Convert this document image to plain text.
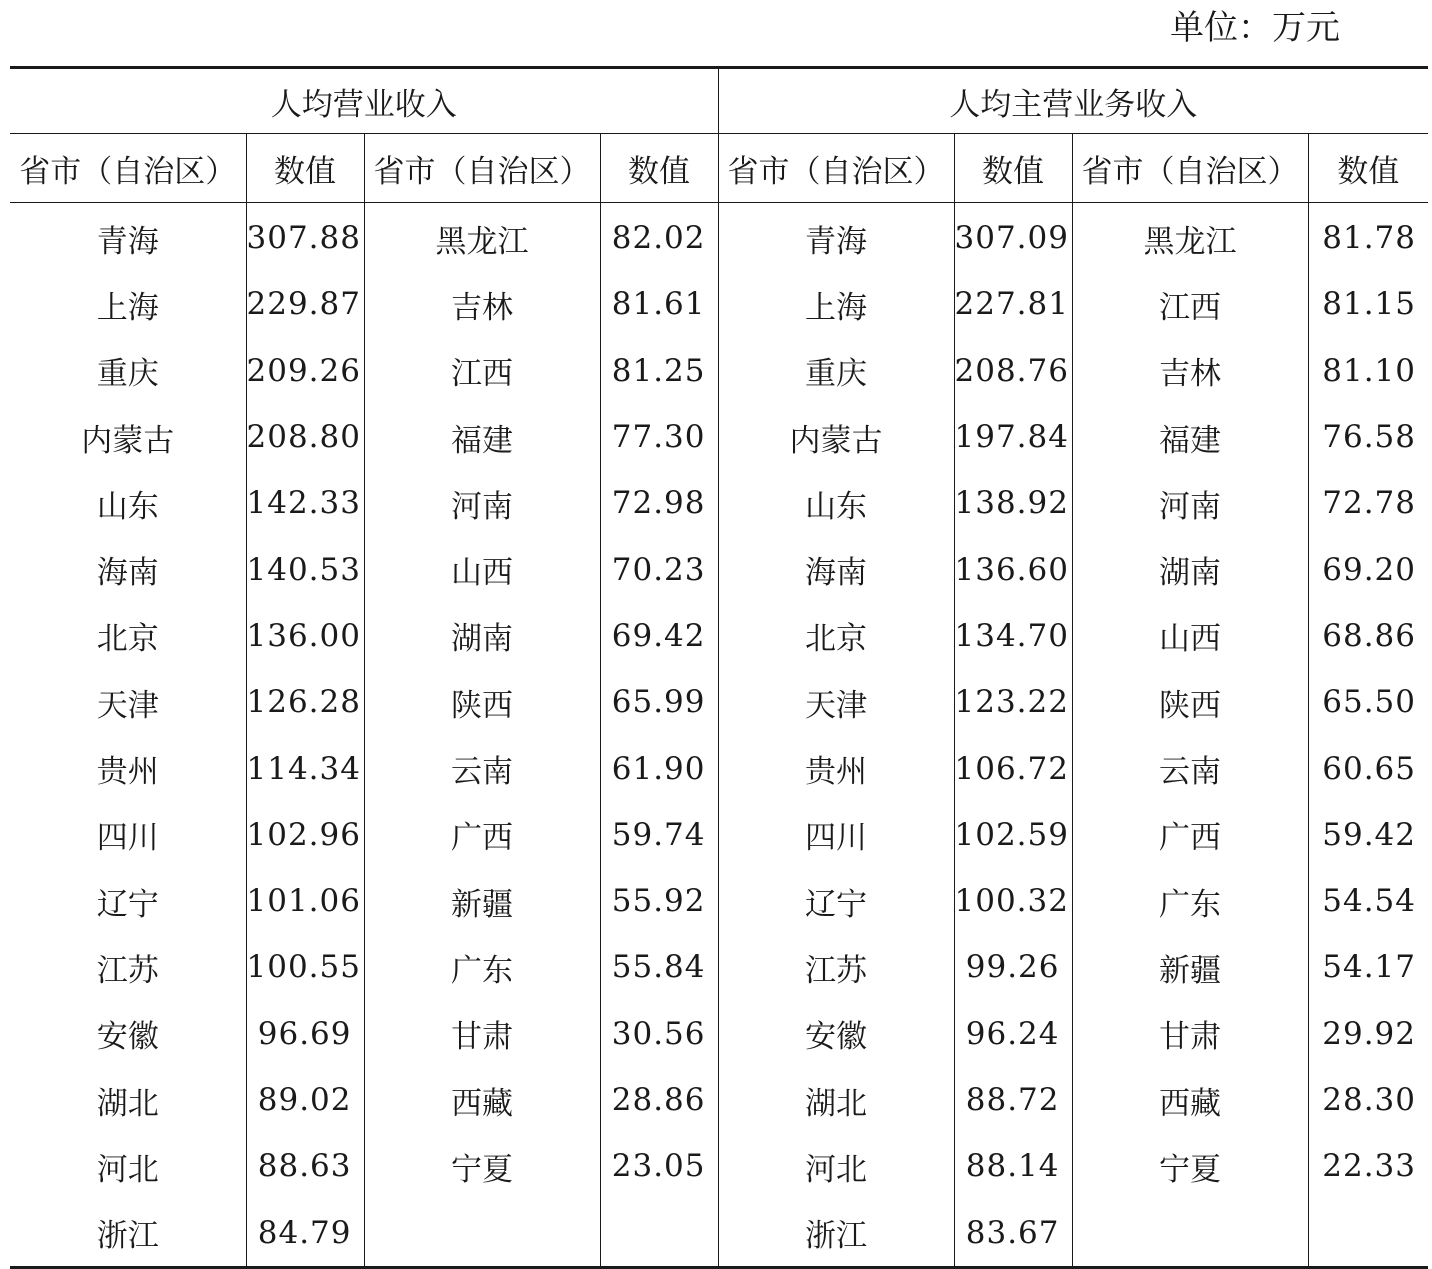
单位：万元
人均营业收入				人均主营业务收入			
省市（自治区）	数值	省市（自治区）	数值	省市（自治区）	数值	省市（自治区）	数值
青海	307.88	黑龙江	82.02	青海	307.09	黑龙江	81.78
上海	229.87	吉林	81.61	上海	227.81	江西	81.15
重庆	209.26	江西	81.25	重庆	208.76	吉林	81.10
内蒙古	208.80	福建	77.30	内蒙古	197.84	福建	76.58
山东	142.33	河南	72.98	山东	138.92	河南	72.78
海南	140.53	山西	70.23	海南	136.60	湖南	69.20
北京	136.00	湖南	69.42	北京	134.70	山西	68.86
天津	126.28	陕西	65.99	天津	123.22	陕西	65.50
贵州	114.34	云南	61.90	贵州	106.72	云南	60.65
四川	102.96	广西	59.74	四川	102.59	广西	59.42
辽宁	101.06	新疆	55.92	辽宁	100.32	广东	54.54
江苏	100.55	广东	55.84	江苏	99.26	新疆	54.17
安徽	96.69	甘肃	30.56	安徽	96.24	甘肃	29.92
湖北	89.02	西藏	28.86	湖北	88.72	西藏	28.30
河北	88.63	宁夏	23.05	河北	88.14	宁夏	22.33
浙江	84.79			浙江	83.67		
